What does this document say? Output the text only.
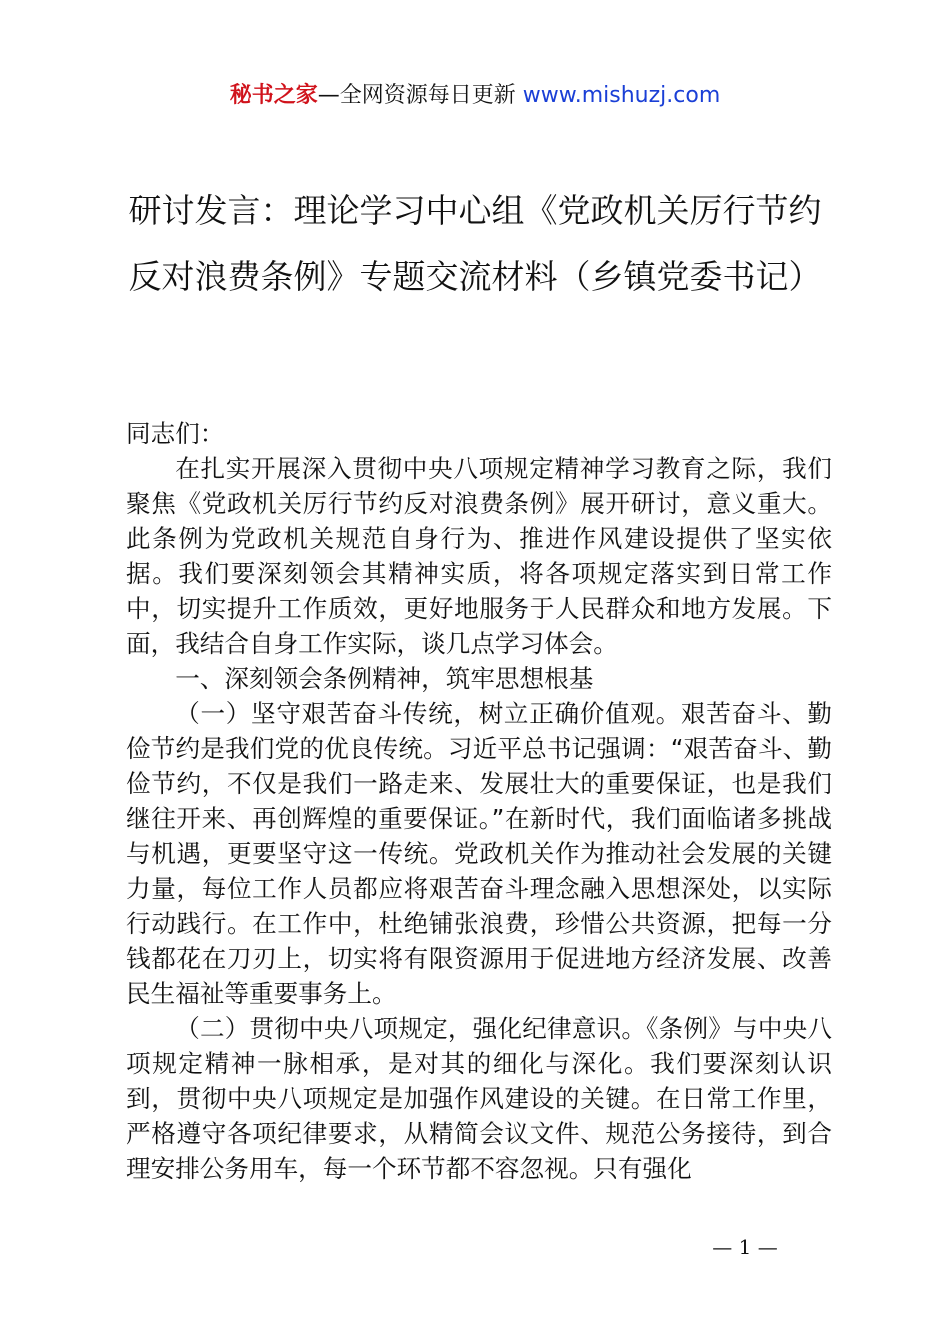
秘书之家—全网资源每日更新 www.mishuzj.com
研讨发言：理论学习中心组《党政机关厉行节约反对浪费条例》专题交流材料（乡镇党委书记）

同志们：

在扎实开展深入贯彻中央八项规定精神学习教育之际，我们聚焦《党政机关厉行节约反对浪费条例》展开研讨，意义重大。此条例为党政机关规范自身行为、推进作风建设提供了坚实依据。我们要深刻领会其精神实质，将各项规定落实到日常工作中，切实提升工作质效，更好地服务于人民群众和地方发展。下面，我结合自身工作实际，谈几点学习体会。

一、深刻领会条例精神，筑牢思想根基

（一）坚守艰苦奋斗传统，树立正确价值观。艰苦奋斗、勤俭节约是我们党的优良传统。习近平总书记强调：“艰苦奋斗、勤俭节约，不仅是我们一路走来、发展壮大的重要保证，也是我们继往开来、再创辉煌的重要保证。”在新时代，我们面临诸多挑战与机遇，更要坚守这一传统。党政机关作为推动社会发展的关键力量，每位工作人员都应将艰苦奋斗理念融入思想深处，以实际行动践行。在工作中，杜绝铺张浪费，珍惜公共资源，把每一分钱都花在刀刃上，切实将有限资源用于促进地方经济发展、改善民生福祉等重要事务上。

（二）贯彻中央八项规定，强化纪律意识。《条例》与中央八项规定精神一脉相承，是对其的细化与深化。我们要深刻认识到，贯彻中央八项规定是加强作风建设的关键。在日常工作里，严格遵守各项纪律要求，从精简会议文件、规范公务接待，到合理安排公务用车，每一个环节都不容忽视。只有强化

— 1 —
